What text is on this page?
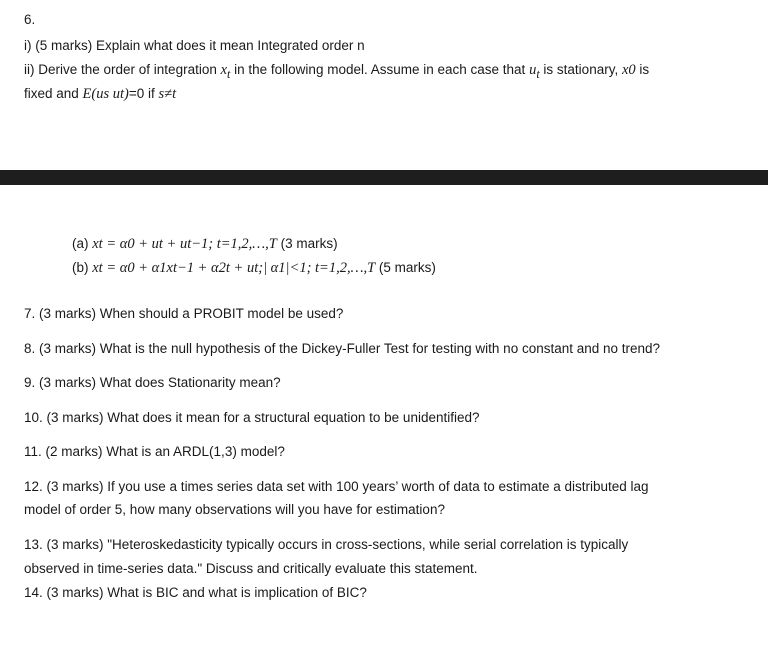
6.
i) (5 marks) Explain what does it mean Integrated order n
ii) Derive the order of integration $x_t$ in the following model. Assume in each case that $u_t$ is stationary, x0 is
fixed and E(us ut)=0 if s≠t
(a) xt = α0 + ut + ut−1; t=1,2,…,T (3 marks)
(b) xt = α0 + α1xt−1 + α2t + ut;| α1|<1; t=1,2,…,T (5 marks)
7. (3 marks) When should a PROBIT model be used?
8. (3 marks) What is the null hypothesis of the Dickey-Fuller Test for testing with no constant and no trend?
9. (3 marks) What does Stationarity mean?
10. (3 marks) What does it mean for a structural equation to be unidentified?
11. (2 marks) What is an ARDL(1,3) model?
12. (3 marks) If you use a times series data set with 100 years’ worth of data to estimate a distributed lag
model of order 5, how many observations will you have for estimation?
13. (3 marks) "Heteroskedasticity typically occurs in cross-sections, while serial correlation is typically
observed in time-series data." Discuss and critically evaluate this statement.
14. (3 marks) What is BIC and what is implication of BIC?
